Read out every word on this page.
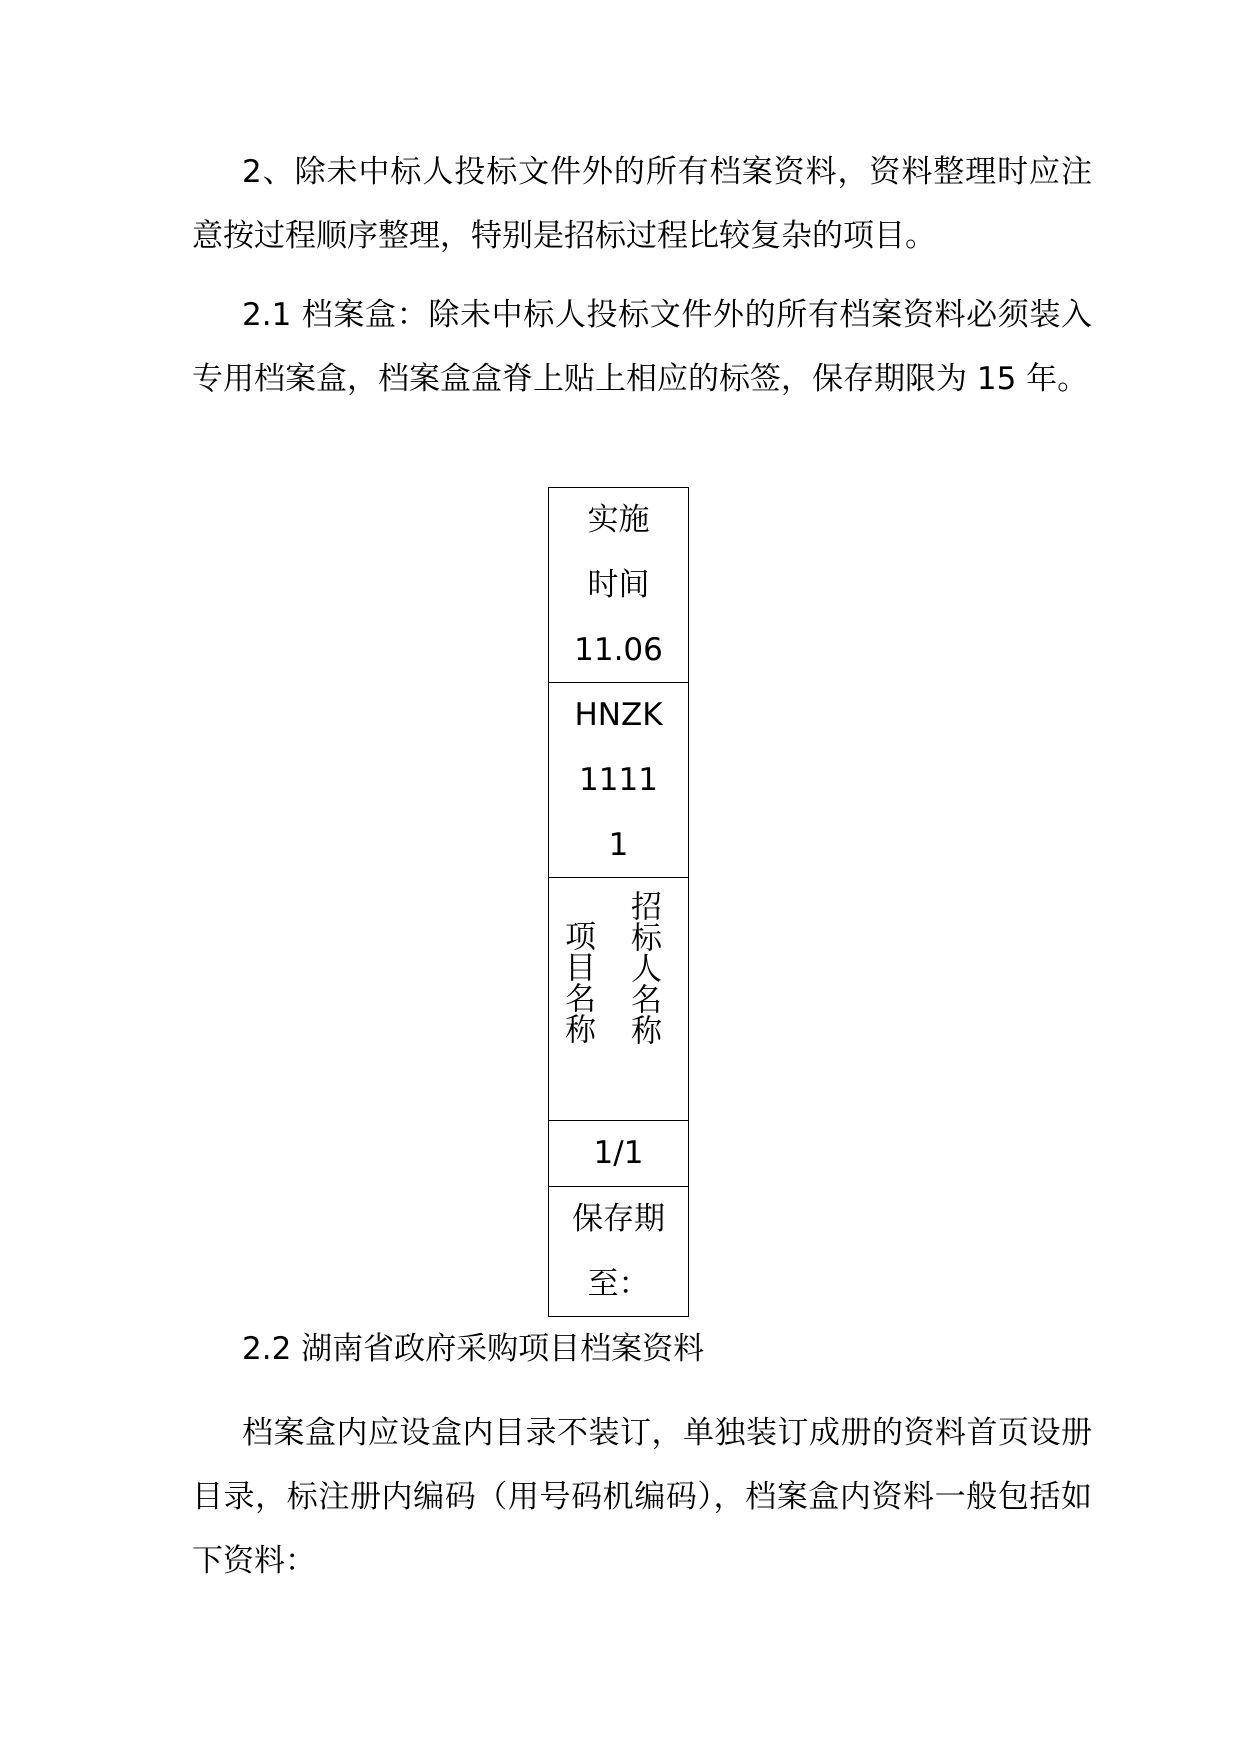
2、除未中标人投标文件外的所有档案资料，资料整理时应注意按过程顺序整理，特别是招标过程比较复杂的项目。

2.1 档案盒：除未中标人投标文件外的所有档案资料必须装入专用档案盒，档案盒盒脊上贴上相应的标签，保存期限为 15 年。

实施
时间
11.06
HNZK
1111
1
招标人名称
项目名称
1/1
保存期
至：

2.2 湖南省政府采购项目档案资料

档案盒内应设盒内目录不装订，单独装订成册的资料首页设册目录，标注册内编码（用号码机编码），档案盒内资料一般包括如下资料：
